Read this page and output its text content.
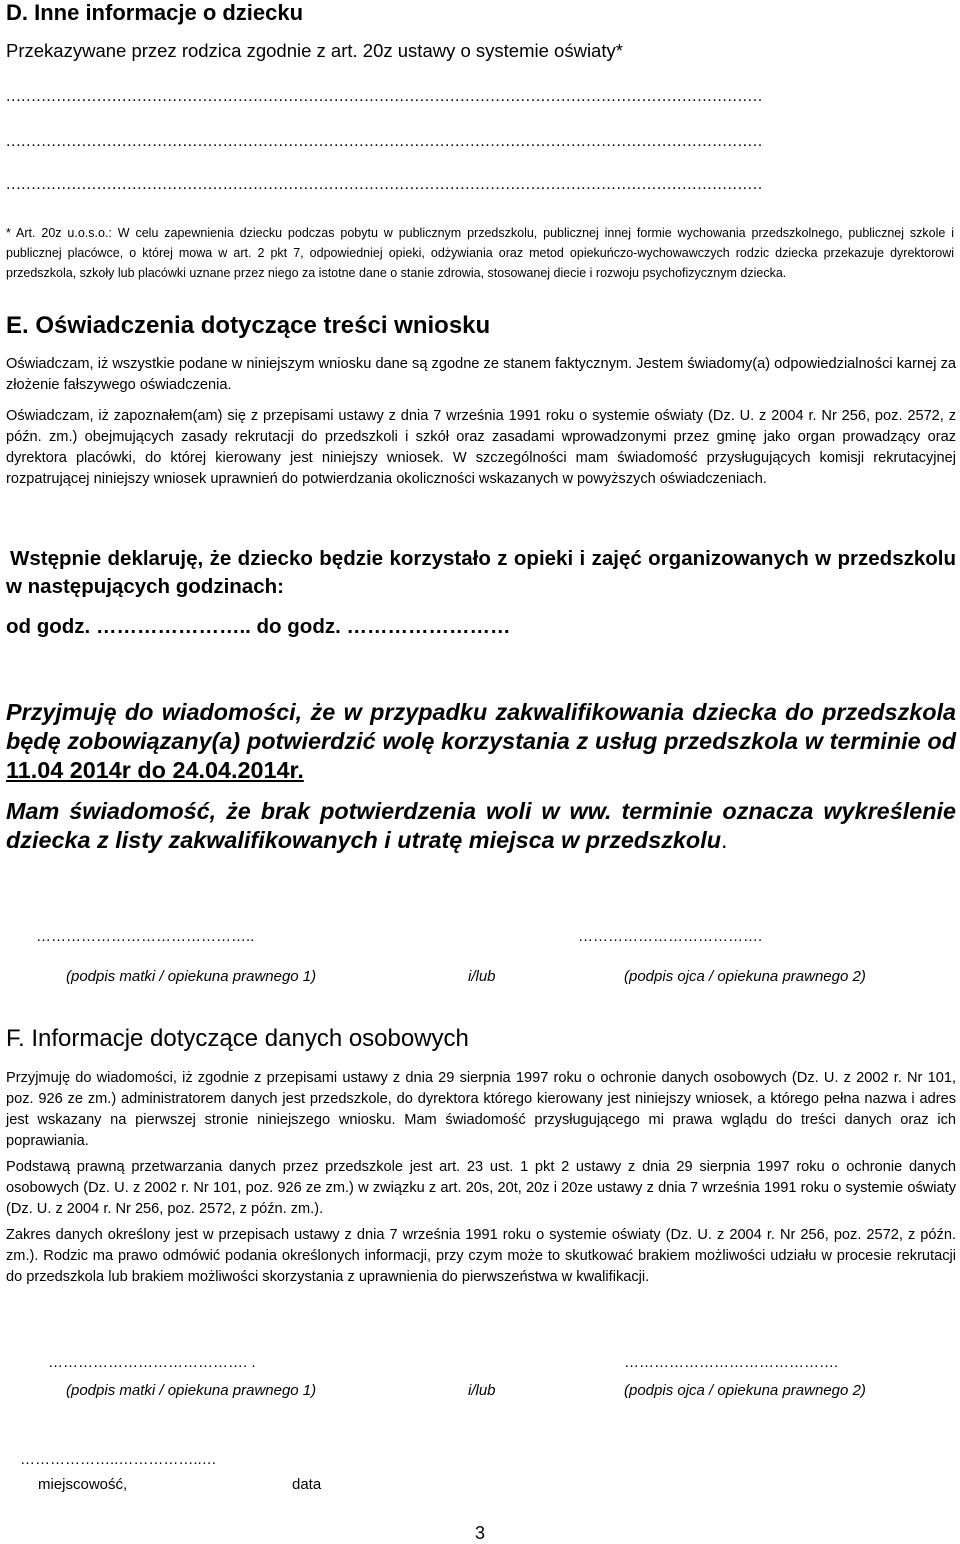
D. Inne informacje o dziecku
Przekazywane przez rodzica zgodnie z art. 20z ustawy o systemie oświaty*
......................................................................................................................................................
......................................................................................................................................................
......................................................................................................................................................

* Art. 20z u.o.s.o.: W celu zapewnienia dziecku podczas pobytu w publicznym przedszkolu, publicznej innej formie wychowania przedszkolnego, publicznej szkole i publicznej placówce, o której mowa w art. 2 pkt 7, odpowiedniej opieki, odżywiania oraz metod opiekuńczo-wychowawczych rodzic dziecka przekazuje dyrektorowi przedszkola, szkoły lub placówki uznane przez niego za istotne dane o stanie zdrowia, stosowanej diecie i rozwoju psychofizycznym dziecka.

E. Oświadczenia dotyczące treści wniosku

Oświadczam, iż wszystkie podane w niniejszym wniosku dane są zgodne ze stanem faktycznym. Jestem świadomy(a) odpowiedzialności karnej za złożenie fałszywego oświadczenia.

Oświadczam, iż zapoznałem(am) się z przepisami ustawy z dnia 7 września 1991 roku o systemie oświaty (Dz. U. z 2004 r. Nr 256, poz. 2572, z późn. zm.) obejmujących zasady rekrutacji do przedszkoli i szkół oraz zasadami wprowadzonymi przez gminę jako organ prowadzący oraz dyrektora placówki, do której kierowany jest niniejszy wniosek. W szczególności mam świadomość przysługujących komisji rekrutacyjnej rozpatrującej niniejszy wniosek uprawnień do potwierdzania okoliczności wskazanych w powyższych oświadczeniach.

Wstępnie deklaruję, że dziecko będzie korzystało z opieki i zajęć organizowanych w przedszkolu w następujących godzinach:

od godz. ………………….. do godz. ……………………

Przyjmuję do wiadomości, że w przypadku zakwalifikowania dziecka do przedszkola będę zobowiązany(a) potwierdzić wolę korzystania z usług przedszkola w terminie od 11.04 2014r do 24.04.2014r.

Mam świadomość, że brak potwierdzenia woli w ww. terminie oznacza wykreślenie dziecka z listy zakwalifikowanych i utratę miejsca w przedszkolu.

……………………………………..	……………………………….
(podpis matki / opiekuna prawnego 1)	i/lub	(podpis ojca / opiekuna prawnego 2)
F. Informacje dotyczące danych osobowych

Przyjmuję do wiadomości, iż zgodnie z przepisami ustawy z dnia 29 sierpnia 1997 roku o ochronie danych osobowych (Dz. U. z 2002 r. Nr 101, poz. 926 ze zm.) administratorem danych jest przedszkole, do dyrektora którego kierowany jest niniejszy wniosek, a którego pełna nazwa i adres jest wskazany na pierwszej stronie niniejszego wniosku. Mam świadomość przysługującego mi prawa wglądu do treści danych oraz ich poprawiania.

Podstawą prawną przetwarzania danych przez przedszkole jest art. 23 ust. 1 pkt 2 ustawy z dnia 29 sierpnia 1997 roku o ochronie danych osobowych (Dz. U. z 2002 r. Nr 101, poz. 926 ze zm.) w związku z art. 20s, 20t, 20z i 20ze ustawy z dnia 7 września 1991 roku o systemie oświaty (Dz. U. z 2004 r. Nr 256, poz. 2572, z późn. zm.).

Zakres danych określony jest w przepisach ustawy z dnia 7 września 1991 roku o systemie oświaty (Dz. U. z 2004 r. Nr 256, poz. 2572, z późn. zm.). Rodzic ma prawo odmówić podania określonych informacji, przy czym może to skutkować brakiem możliwości udziału w procesie rekrutacji do przedszkola lub brakiem możliwości skorzystania z uprawnienia do pierwszeństwa w kwalifikacji.

…………………………………. .	…………………………………….
(podpis matki / opiekuna prawnego 1)	i/lub	(podpis ojca / opiekuna prawnego 2)
………………..……………..…
miejscowość,	data
3
